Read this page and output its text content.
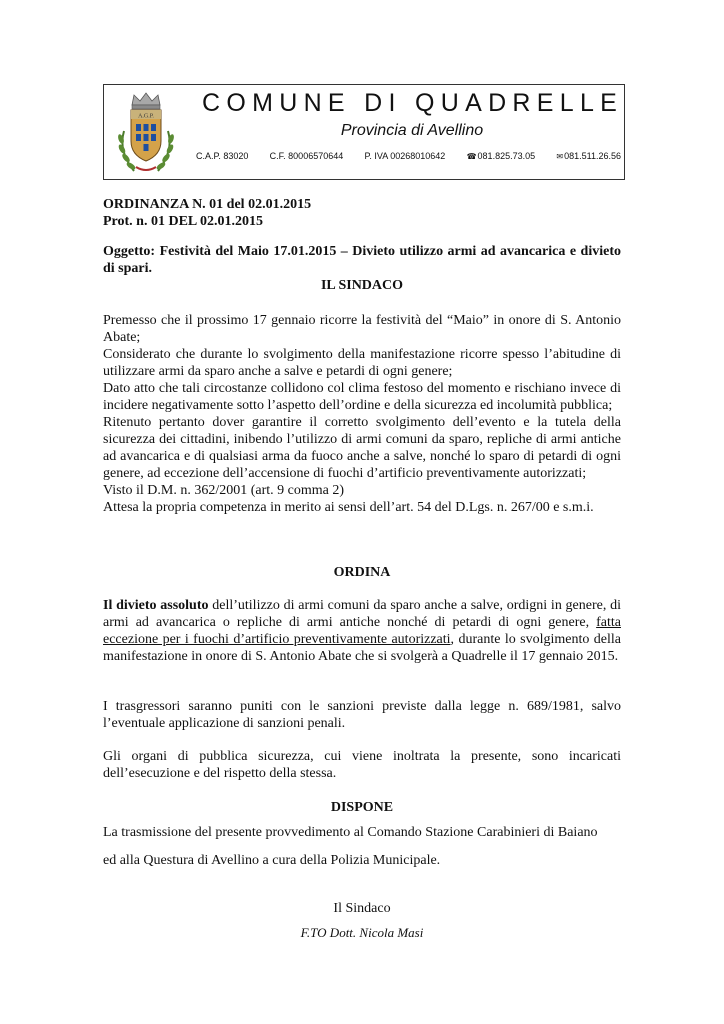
A.G.P. COMUNE DI QUADRELLE
Provincia di Avellino
C.A.P. 83020 C.F. 80006570644 P. IVA 00268010642	☎081.825.73.05	✉081.511.26.56
ORDINANZA N. 01 del 02.01.2015
Prot. n. 01 DEL 02.01.2015
Oggetto: Festività del Maio 17.01.2015 – Divieto utilizzo armi ad avancarica e divieto di spari.
IL SINDACO

Premesso che il prossimo 17 gennaio ricorre la festività del “Maio” in onore di S. Antonio Abate;

Considerato che durante lo svolgimento della manifestazione ricorre spesso l’abitudine di utilizzare armi da sparo anche a salve e petardi di ogni genere;

Dato atto che tali circostanze collidono col clima festoso del momento e rischiano invece di incidere negativamente sotto l’aspetto dell’ordine e della sicurezza ed incolumità pubblica;

Ritenuto pertanto dover garantire il corretto svolgimento dell’evento e la tutela della sicurezza dei cittadini, inibendo l’utilizzo di armi comuni da sparo, repliche di armi antiche ad avancarica e di qualsiasi arma da fuoco anche a salve, nonché lo sparo di petardi di ogni genere, ad eccezione dell’accensione di fuochi d’artificio preventivamente autorizzati;

Visto il D.M. n. 362/2001 (art. 9 comma 2)

Attesa la propria competenza in merito ai sensi dell’art. 54 del D.Lgs. n. 267/00 e s.m.i.

ORDINA
Il divieto assoluto dell’utilizzo di armi comuni da sparo anche a salve, ordigni in genere, di armi ad avancarica o repliche di armi antiche nonché di petardi di ogni genere, fatta eccezione per i fuochi d’artificio preventivamente autorizzati, durante lo svolgimento della manifestazione in onore di S. Antonio Abate che si svolgerà a Quadrelle il 17 gennaio 2015.
I trasgressori saranno puniti con le sanzioni previste dalla legge n. 689/1981, salvo l’eventuale applicazione di sanzioni penali.
Gli organi di pubblica sicurezza, cui viene inoltrata la presente, sono incaricati dell’esecuzione e del rispetto della stessa.
DISPONE
La trasmissione del presente provvedimento al Comando Stazione Carabinieri di Baiano
ed alla Questura di Avellino a cura della Polizia Municipale.
Il Sindaco
F.TO Dott. Nicola Masi
